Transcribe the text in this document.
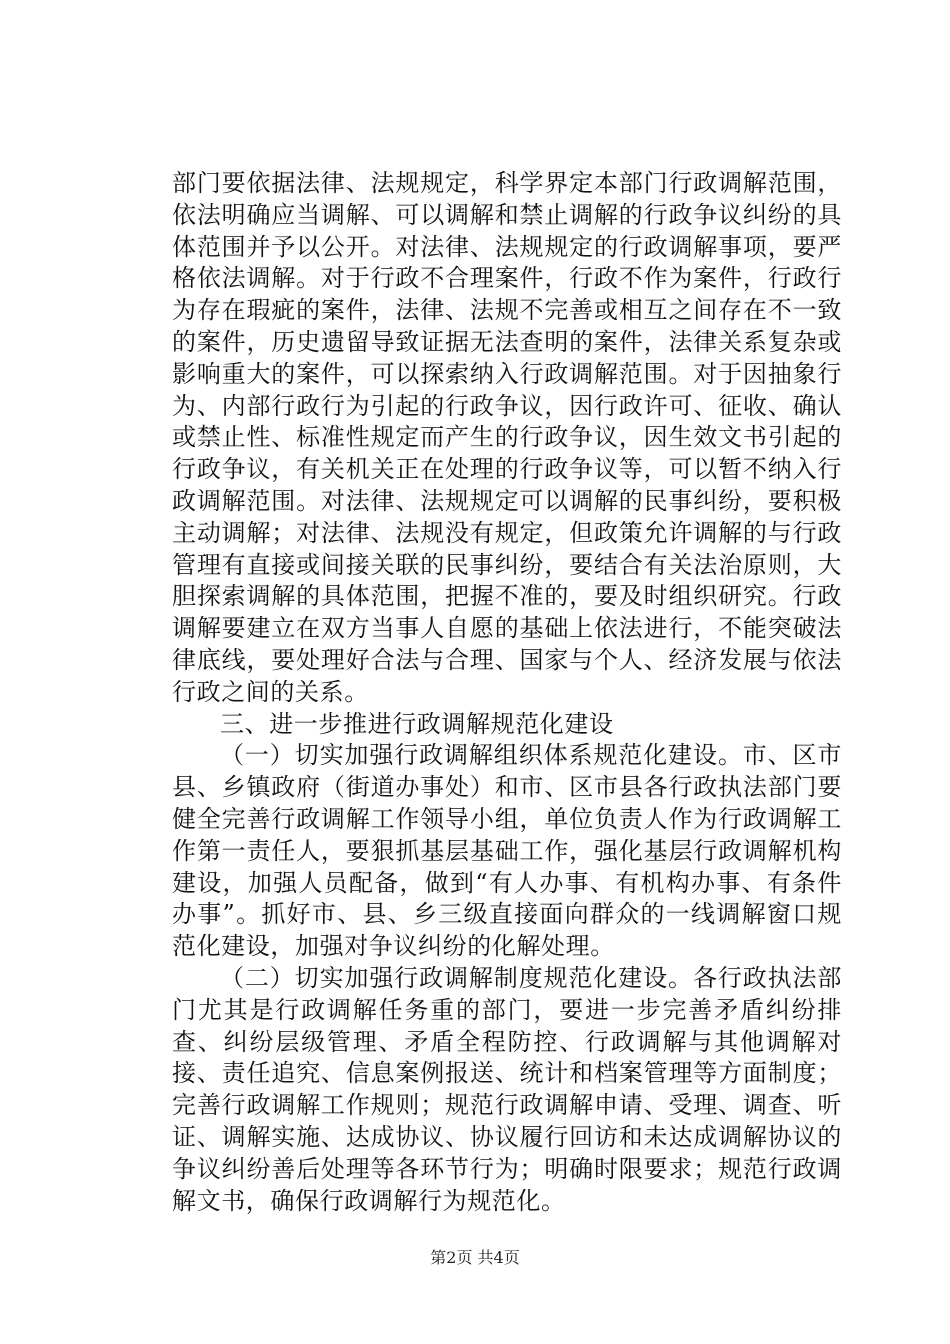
部门要依据法律、法规规定，科学界定本部门行政调解范围，依法明确应当调解、可以调解和禁止调解的行政争议纠纷的具体范围并予以公开。对法律、法规规定的行政调解事项，要严格依法调解。对于行政不合理案件，行政不作为案件，行政行为存在瑕疵的案件，法律、法规不完善或相互之间存在不一致的案件，历史遗留导致证据无法查明的案件，法律关系复杂或影响重大的案件，可以探索纳入行政调解范围。对于因抽象行为、内部行政行为引起的行政争议，因行政许可、征收、确认或禁止性、标准性规定而产生的行政争议，因生效文书引起的行政争议，有关机关正在处理的行政争议等，可以暂不纳入行政调解范围。对法律、法规规定可以调解的民事纠纷，要积极主动调解；对法律、法规没有规定，但政策允许调解的与行政管理有直接或间接关联的民事纠纷，要结合有关法治原则，大胆探索调解的具体范围，把握不准的，要及时组织研究。行政调解要建立在双方当事人自愿的基础上依法进行，不能突破法律底线，要处理好合法与合理、国家与个人、经济发展与依法行政之间的关系。

三、进一步推进行政调解规范化建设

（一）切实加强行政调解组织体系规范化建设。市、区市县、乡镇政府（街道办事处）和市、区市县各行政执法部门要健全完善行政调解工作领导小组，单位负责人作为行政调解工作第一责任人，要狠抓基层基础工作，强化基层行政调解机构建设，加强人员配备，做到“有人办事、有机构办事、有条件办事”。抓好市、县、乡三级直接面向群众的一线调解窗口规范化建设，加强对争议纠纷的化解处理。

（二）切实加强行政调解制度规范化建设。各行政执法部门尤其是行政调解任务重的部门，要进一步完善矛盾纠纷排查、纠纷层级管理、矛盾全程防控、行政调解与其他调解对接、责任追究、信息案例报送、统计和档案管理等方面制度；完善行政调解工作规则；规范行政调解申请、受理、调查、听证、调解实施、达成协议、协议履行回访和未达成调解协议的争议纠纷善后处理等各环节行为；明确时限要求；规范行政调解文书，确保行政调解行为规范化。

第2页 共4页
